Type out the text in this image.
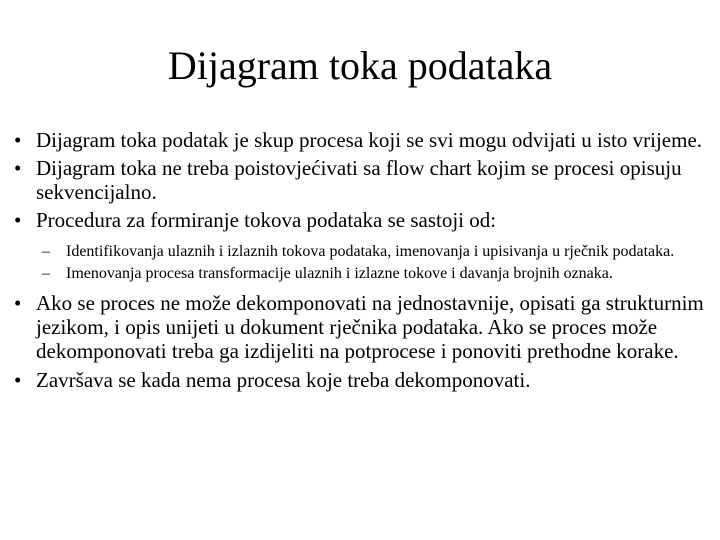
Dijagram toka podataka
• Dijagram toka podatak je skup procesa koji se svi mogu odvijati u isto vrijeme.
• Dijagram toka ne treba poistovjećivati sa flow chart kojim se procesi opisuju sekvencijalno.
• Procedura za formiranje tokova podataka se sastoji od:
– Identifikovanja ulaznih i izlaznih tokova podataka, imenovanja i upisivanja u rječnik podataka.
– Imenovanja procesa transformacije ulaznih i izlazne tokove i davanja brojnih oznaka.
• Ako se proces ne može dekomponovati na jednostavnije, opisati ga strukturnim jezikom, i opis unijeti u dokument rječnika podataka. Ako se proces može dekomponovati treba ga izdijeliti na potprocese i ponoviti prethodne korake.
• Završava se kada nema procesa koje treba dekomponovati.
